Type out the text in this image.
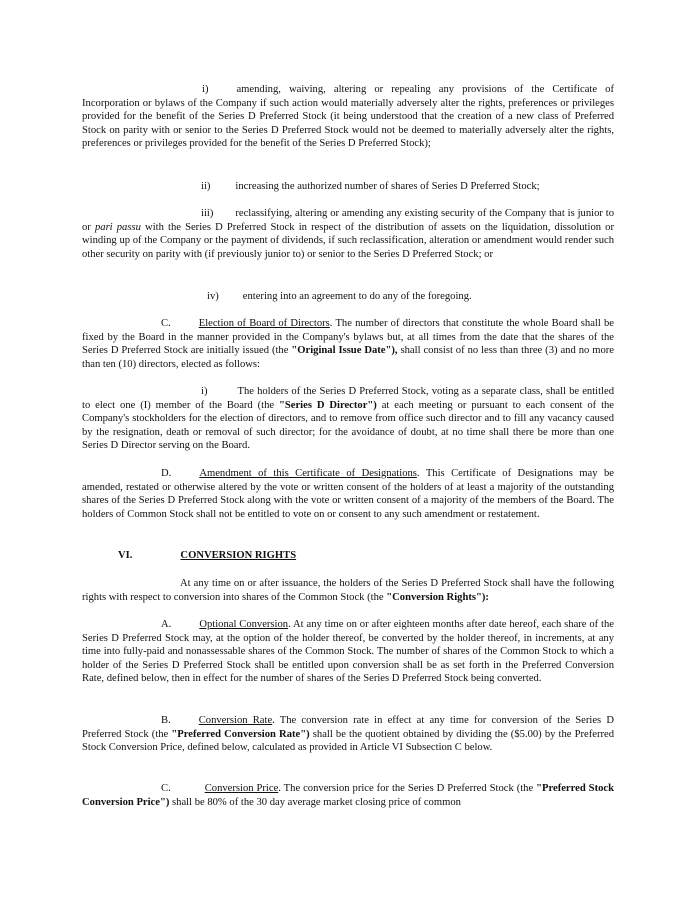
i)	amending, waiving, altering or repealing any provisions of the Certificate of Incorporation or bylaws of the Company if such action would materially adversely alter the rights, preferences or privileges provided for the benefit of the Series D Preferred Stock (it being understood that the creation of a new class of Preferred Stock on parity with or senior to the Series D Preferred Stock would not be deemed to materially adversely alter the rights, preferences or privileges provided for the benefit of the Series D Preferred Stock);
ii) increasing the authorized number of shares of Series D Preferred Stock;
iii) reclassifying, altering or amending any existing security of the Company that is junior to or pari passu with the Series D Preferred Stock in respect of the distribution of assets on the liquidation, dissolution or winding up of the Company or the payment of dividends, if such reclassification, alteration or amendment would render such other security on parity with (if previously junior to) or senior to the Series D Preferred Stock; or
iv) entering into an agreement to do any of the foregoing.
C.	Election of Board of Directors. The number of directors that constitute the whole Board shall be fixed by the Board in the manner provided in the Company's bylaws but, at all times from the date that the shares of the Series D Preferred Stock are initially issued (the "Original Issue Date"), shall consist of no less than three (3) and no more than ten (10) directors, elected as follows:
i)	The holders of the Series D Preferred Stock, voting as a separate class, shall be entitled to elect one (I) member of the Board (the "Series D Director") at each meeting or pursuant to each consent of the Company's stockholders for the election of directors, and to remove from office such director and to fill any vacancy caused by the resignation, death or removal of such director; for the avoidance of doubt, at no time shall there be more than one Series D Director serving on the Board.
D.	Amendment of this Certificate of Designations. This Certificate of Designations may be amended, restated or otherwise altered by the vote or written consent of the holders of at least a majority of the outstanding shares of the Series D Preferred Stock along with the vote or written consent of a majority of the members of the Board. The holders of Common Stock shall not be entitled to vote on or consent to any such amendment or restatement.
VI.	CONVERSION RIGHTS
At any time on or after issuance, the holders of the Series D Preferred Stock shall have the following rights with respect to conversion into shares of the Common Stock (the "Conversion Rights"):
A.	Optional Conversion. At any time on or after eighteen months after date hereof, each share of the Series D Preferred Stock may, at the option of the holder thereof, be converted by the holder thereof, in increments, at any time into fully-paid and nonassessable shares of the Common Stock. The number of shares of the Common Stock to which a holder of the Series D Preferred Stock shall be entitled upon conversion shall be as set forth in the Preferred Conversion Rate, defined below, then in effect for the number of shares of the Series D Preferred Stock being converted.
B.	Conversion Rate. The conversion rate in effect at any time for conversion of the Series D Preferred Stock (the "Preferred Conversion Rate") shall be the quotient obtained by dividing the ($5.00) by the Preferred Stock Conversion Price, defined below, calculated as provided in Article VI Subsection C below.
C.	Conversion Price. The conversion price for the Series D Preferred Stock (the "Preferred Stock Conversion Price") shall be 80% of the 30 day average market closing price of common
